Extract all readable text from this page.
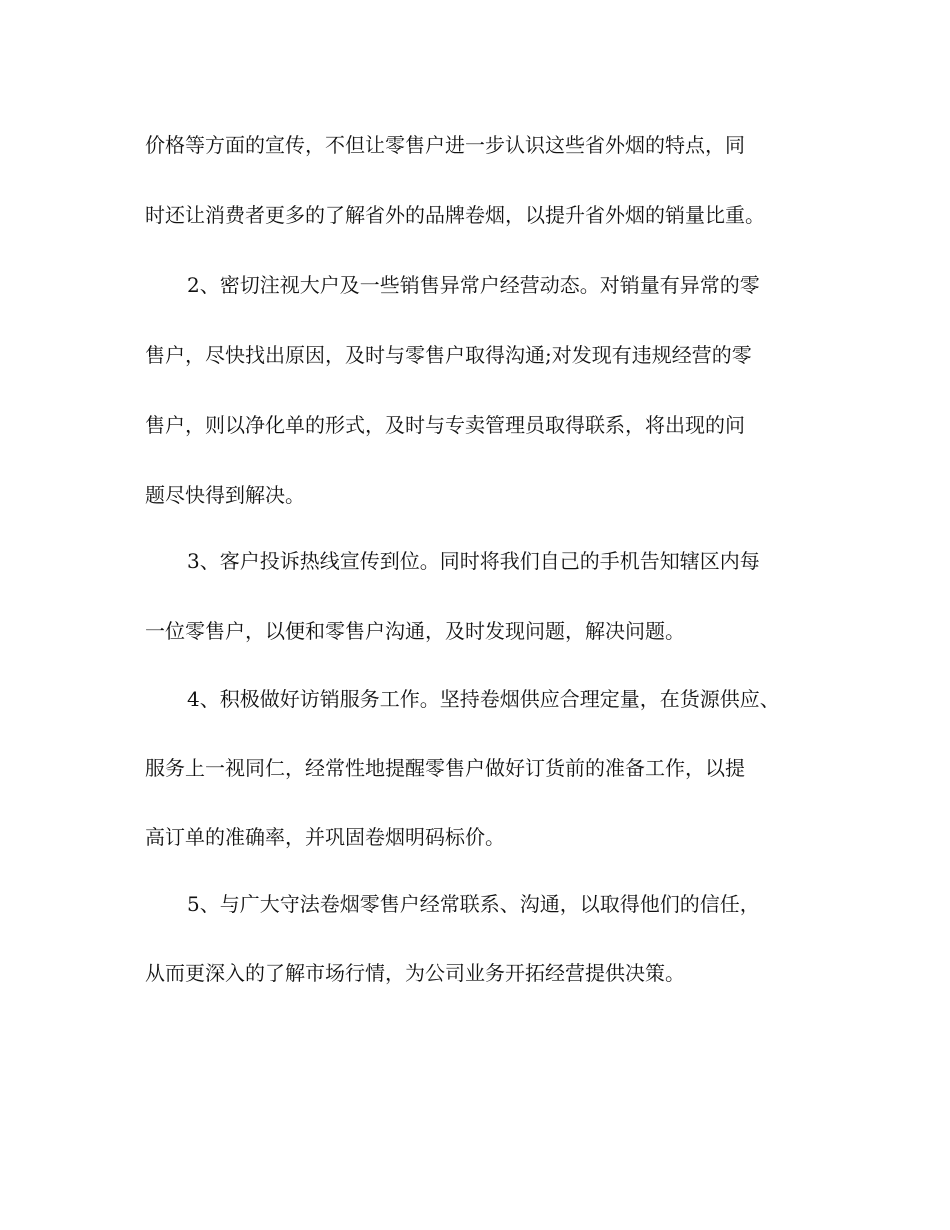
价格等方面的宣传，不但让零售户进一步认识这些省外烟的特点，同

时还让消费者更多的了解省外的品牌卷烟，以提升省外烟的销量比重。

2、密切注视大户及一些销售异常户经营动态。对销量有异常的零

售户，尽快找出原因，及时与零售户取得沟通;对发现有违规经营的零

售户，则以净化单的形式，及时与专卖管理员取得联系，将出现的问

题尽快得到解决。

3、客户投诉热线宣传到位。同时将我们自己的手机告知辖区内每

一位零售户，以便和零售户沟通，及时发现问题，解决问题。

4、积极做好访销服务工作。坚持卷烟供应合理定量，在货源供应、

服务上一视同仁，经常性地提醒零售户做好订货前的准备工作，以提

高订单的准确率，并巩固卷烟明码标价。

5、与广大守法卷烟零售户经常联系、沟通，以取得他们的信任，

从而更深入的了解市场行情，为公司业务开拓经营提供决策。
